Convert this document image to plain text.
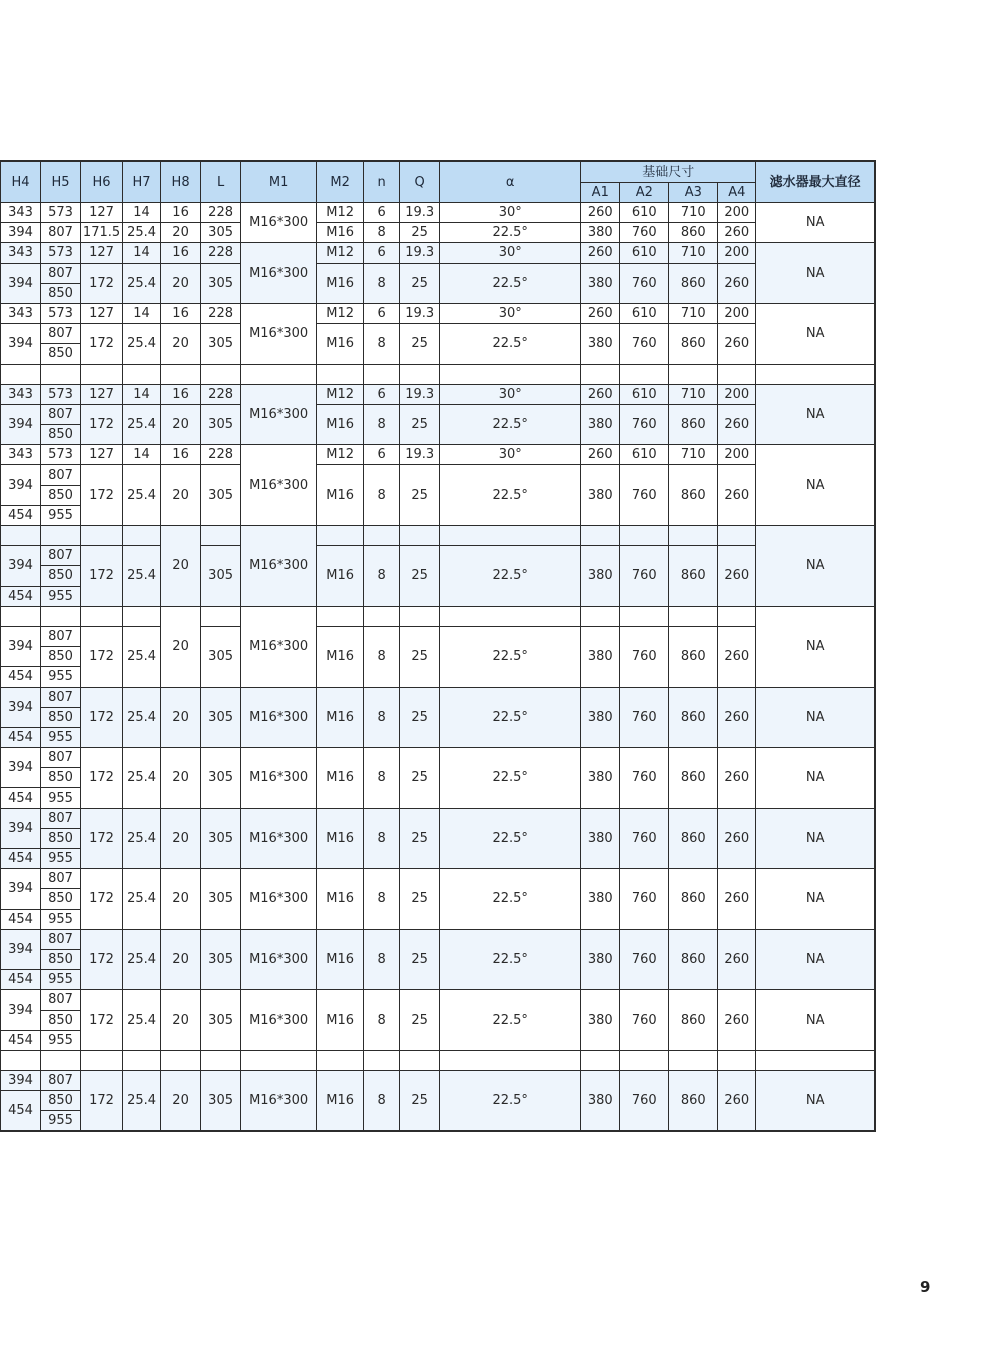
H4	H5	H6	H7	H8	L	M1	M2	n	Q	α	基础尺寸				滤水器最大直径
											A1	A2	A3	A4	
343	573	127	14	16	228	M16*300	M12	6	19.3	30°	260	610	710	200	NA
394	807	171.5	25.4	20	305		M16	8	25	22.5°	380	760	860	260	
343	573	127	14	16	228	M16*300	M12	6	19.3	30°	260	610	710	200	NA
394	807	172	25.4	20	305		M16	8	25	22.5°	380	760	860	260	
	850														
343	573	127	14	16	228	M16*300	M12	6	19.3	30°	260	610	710	200	NA
394	807	172	25.4	20	305		M16	8	25	22.5°	380	760	860	260	
	850														

343	573	127	14	16	228	M16*300	M12	6	19.3	30°	260	610	710	200	NA
394	807	172	25.4	20	305		M16	8	25	22.5°	380	760	860	260	
	850														
343	573	127	14	16	228	M16*300	M12	6	19.3	30°	260	610	710	200	NA
394	807	172	25.4	20	305		M16	8	25	22.5°	380	760	860	260	
	850														
454	955														
				20		M16*300									NA
394	807	172	25.4		305		M16	8	25	22.5°	380	760	860	260	
	850														
454	955														
				20		M16*300									NA
394	807	172	25.4		305		M16	8	25	22.5°	380	760	860	260	
	850														
454	955														
394	807	172	25.4	20	305	M16*300	M16	8	25	22.5°	380	760	860	260	NA
	850														
454	955														
394	807	172	25.4	20	305	M16*300	M16	8	25	22.5°	380	760	860	260	NA
	850														
454	955														
394	807	172	25.4	20	305	M16*300	M16	8	25	22.5°	380	760	860	260	NA
	850														
454	955														
394	807	172	25.4	20	305	M16*300	M16	8	25	22.5°	380	760	860	260	NA
	850														
454	955														
394	807	172	25.4	20	305	M16*300	M16	8	25	22.5°	380	760	860	260	NA
	850														
454	955														
394	807	172	25.4	20	305	M16*300	M16	8	25	22.5°	380	760	860	260	NA
	850														
454	955														

394	807	172	25.4	20	305	M16*300	M16	8	25	22.5°	380	760	860	260	NA
454	850														
	955														
9
